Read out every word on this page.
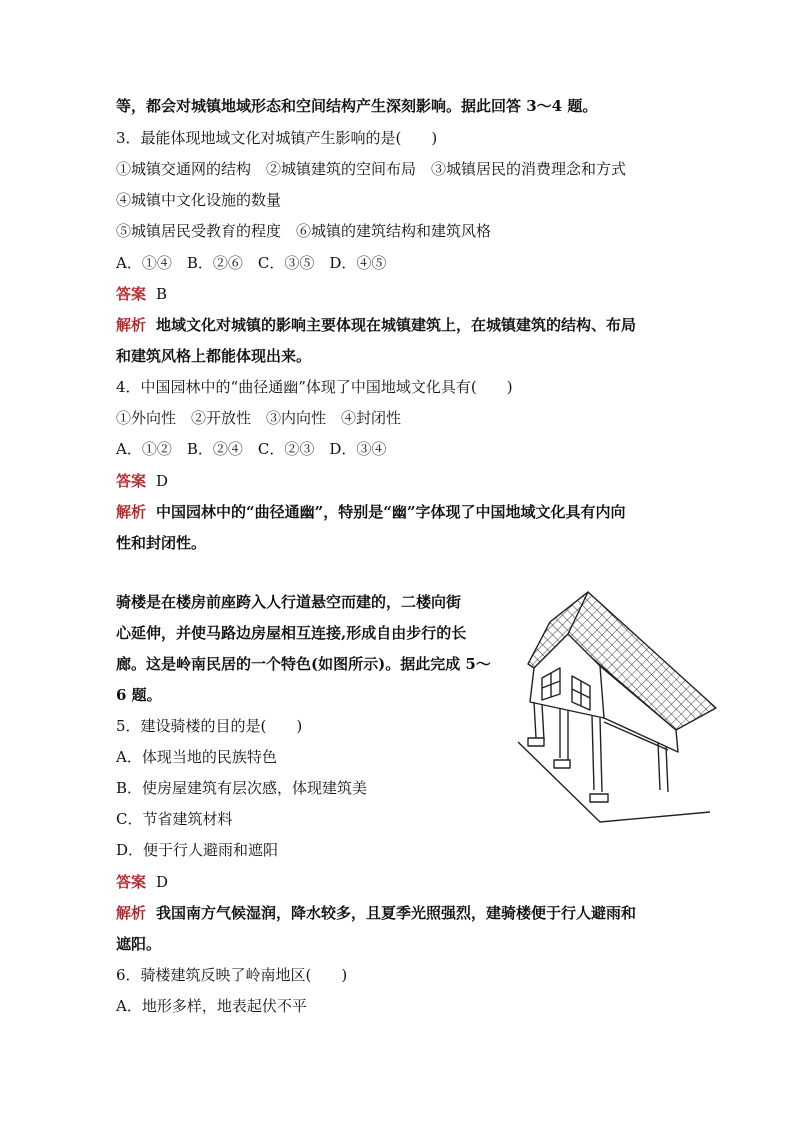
等，都会对城镇地域形态和空间结构产生深刻影响。据此回答 3～4 题。
3．最能体现地域文化对城镇产生影响的是(　　)
①城镇交通网的结构　②城镇建筑的空间布局　③城镇居民的消费理念和方式
④城镇中文化设施的数量
⑤城镇居民受教育的程度　⑥城镇的建筑结构和建筑风格
A．①④　B．②⑥　C．③⑤　D．④⑤
答案 B
解析 地域文化对城镇的影响主要体现在城镇建筑上，在城镇建筑的结构、布局
和建筑风格上都能体现出来。
4．中国园林中的“曲径通幽”体现了中国地域文化具有(　　)
①外向性　②开放性　③内向性　④封闭性
A．①②　B．②④　C．②③　D．③④
答案 D
解析 中国园林中的“曲径通幽”，特别是“幽”字体现了中国地域文化具有内向
性和封闭性。
骑楼是在楼房前座跨入人行道悬空而建的，二楼向街
心延伸，并使马路边房屋相互连接,形成自由步行的长
廊。这是岭南民居的一个特色(如图所示)。据此完成 5～
6 题。
5．建设骑楼的目的是(　　)
A．体现当地的民族特色
B．使房屋建筑有层次感，体现建筑美
C．节省建筑材料
D．便于行人避雨和遮阳
答案 D
解析 我国南方气候湿润，降水较多，且夏季光照强烈，建骑楼便于行人避雨和
遮阳。
6．骑楼建筑反映了岭南地区(　　)
A．地形多样，地表起伏不平
